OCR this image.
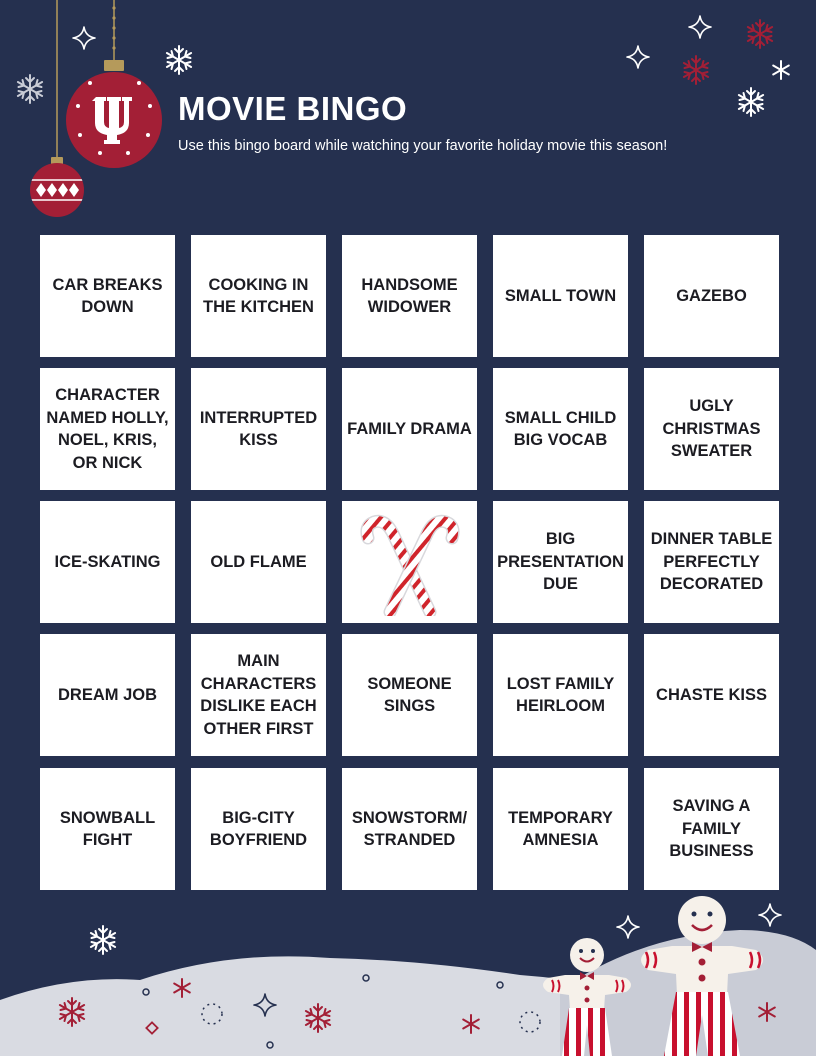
MOVIE BINGO

Use this bingo board while watching your favorite holiday movie this season!

CAR BREAKS DOWN
COOKING IN THE KITCHEN
HANDSOME WIDOWER
SMALL TOWN	GAZEBO
CHARACTER NAMED HOLLY, NOEL, KRIS, OR NICK
INTERRUPTED KISS
FAMILY DRAMA
SMALL CHILD BIG VOCAB
UGLY CHRISTMAS SWEATER
ICE-SKATING	OLD FLAME
BIG PRESENTATION DUE
DINNER TABLE PERFECTLY DECORATED
DREAM JOB
MAIN CHARACTERS DISLIKE EACH OTHER FIRST
SOMEONE SINGS
LOST FAMILY HEIRLOOM
CHASTE KISS
SNOWBALL FIGHT
BIG-CITY BOYFRIEND
SNOWSTORM/ STRANDED
TEMPORARY AMNESIA
SAVING A FAMILY BUSINESS
